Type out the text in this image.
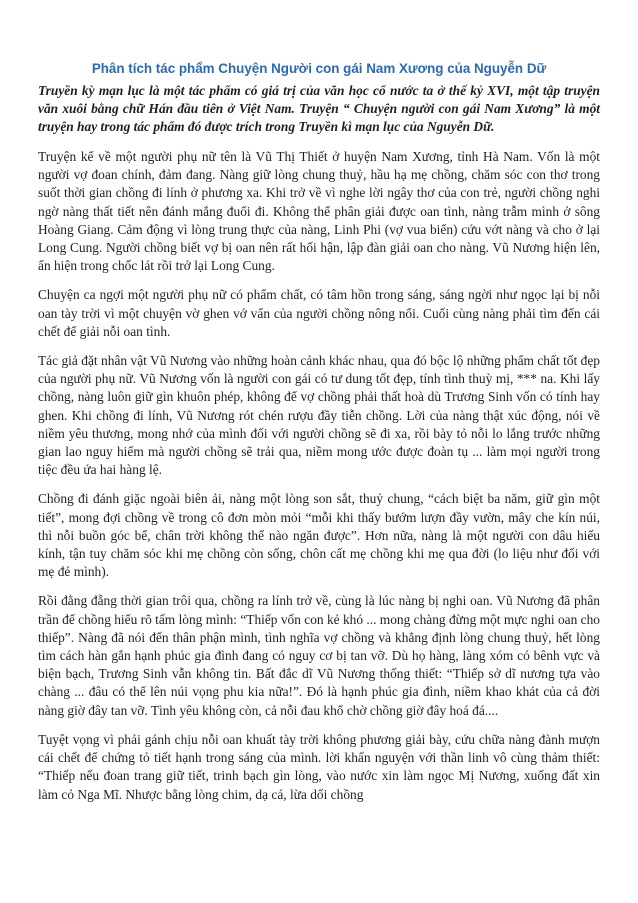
Phân tích tác phẩm Chuyện Người con gái Nam Xương của Nguyễn Dữ
Truyền kỳ mạn lục là một tác phẩm có giá trị của văn học cổ nước ta ở thế kỷ XVI, một tập truyện văn xuôi bằng chữ Hán đầu tiên ở Việt Nam. Truyện “ Chuyện người con gái Nam Xương” là một truyện hay trong tác phẩm đó được trích trong Truyền kì mạn lục của Nguyễn Dữ.
Truyện kể về một người phụ nữ tên là Vũ Thị Thiết ở huyện Nam Xương, tỉnh Hà Nam. Vốn là một người vợ đoan chính, đảm đang. Nàng giữ lòng chung thuỷ, hầu hạ mẹ chồng, chăm sóc con thơ trong suốt thời gian chồng đi lính ở phương xa. Khi trở về vì nghe lời ngây thơ của con trẻ, người chồng nghi ngờ nàng thất tiết nên đánh mắng đuổi đi. Không thể phân giải được oan tình, nàng trẫm mình ở sông Hoàng Giang. Cảm động vì lòng trung thực của nàng, Linh Phi (vợ vua biển) cứu vớt nàng và cho ở lại Long Cung. Người chồng biết vợ bị oan nên rất hối hận, lập đàn giải oan cho nàng. Vũ Nương hiện lên, ẩn hiện trong chốc lát rồi trở lại Long Cung.
Chuyện ca ngợi một người phụ nữ có phẩm chất, có tâm hồn trong sáng, sáng ngời như ngọc lại bị nỗi oan tày trời vì một chuyện vờ ghen vớ vẩn của người chồng nông nổi. Cuối cùng nàng phải tìm đến cái chết để giải nỗi oan tình.
Tác giả đặt nhân vật Vũ Nương vào những hoàn cảnh khác nhau, qua đó bộc lộ những phẩm chất tốt đẹp của người phụ nữ. Vũ Nương vốn là người con gái có tư dung tốt đẹp, tính tình thuỳ mị, *** na. Khi lấy chồng, nàng luôn giữ gìn khuôn phép, không để vợ chồng phải thất hoà dù Trương Sinh vốn có tính hay ghen. Khi chồng đi lính, Vũ Nương rót chén rượu đầy tiễn chồng. Lời của nàng thật xúc động, nói về niềm yêu thương, mong nhớ của mình đối với người chồng sẽ đi xa, rồi bày tỏ nỗi lo lắng trước những gian lao nguy hiểm mà người chồng sẽ trải qua, niềm mong ước được đoàn tụ ... làm mọi người trong tiệc đều ứa hai hàng lệ.
Chồng đi đánh giặc ngoài biên ải, nàng một lòng son sắt, thuỷ chung, “cách biệt ba năm, giữ gìn một tiết”, mong đợi chồng về trong cô đơn mòn mỏi “mỗi khi thấy bướm lượn đầy vườn, mây che kín núi, thì nỗi buồn góc bể, chân trời không thể nào ngăn được”. Hơn nữa, nàng là một người con dâu hiếu kính, tận tuy chăm sóc khi mẹ chồng còn sống, chôn cất mẹ chồng khi mẹ qua đời (lo liệu như đối với mẹ đẻ mình).
Rồi đằng đẵng thời gian trôi qua, chồng ra lính trở về, cùng là lúc nàng bị nghi oan. Vũ Nương đã phân trần để chồng hiểu rõ tấm lòng mình: “Thiếp vốn con kẻ khó ... mong chàng đừng một mực nghi oan cho thiếp”. Nàng đã nói đến thân phận mình, tình nghĩa vợ chồng và khẳng định lòng chung thuỷ, hết lòng tìm cách hàn gắn hạnh phúc gia đình đang có nguy cơ bị tan vỡ. Dù họ hàng, làng xóm có bênh vực và biện bạch, Trương Sinh vẫn không tin. Bất đắc dĩ Vũ Nương thống thiết: “Thiếp sở dĩ nương tựa vào chàng ... đâu có thể lên núi vọng phu kia nữa!”. Đó là hạnh phúc gia đình, niềm khao khát của cả đời nàng giờ đây tan vỡ. Tình yêu không còn, cả nỗi đau khổ chờ chồng giờ đây hoá đá....
Tuyệt vọng vì phải gánh chịu nỗi oan khuất tày trời không phương giải bày, cứu chữa nàng đành mượn cái chết để chứng tỏ tiết hạnh trong sáng của mình. lời khấn nguyện với thần linh vô cùng thảm thiết: “Thiếp nếu đoan trang giữ tiết, trinh bạch gìn lòng, vào nước xin làm ngọc Mị Nương, xuống đất xin làm cỏ Nga Mĩ. Nhược bằng lòng chim, dạ cá, lừa dối chồng
